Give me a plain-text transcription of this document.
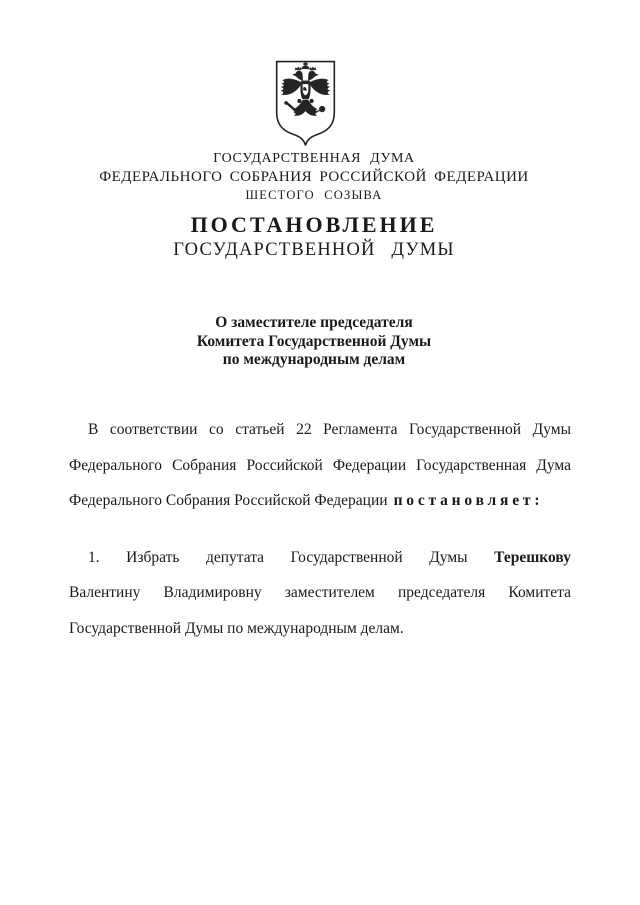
ГОСУДАРСТВЕННАЯ ДУМА
ФЕДЕРАЛЬНОГО СОБРАНИЯ РОССИЙСКОЙ ФЕДЕРАЦИИ
ШЕСТОГО СОЗЫВА
ПОСТАНОВЛЕНИЕ
ГОСУДАРСТВЕННОЙ ДУМЫ
О заместителе председателя
Комитета Государственной Думы
по международным делам
В соответствии со статьей 22 Регламента Государственной Думы
Федерального Собрания Российской Федерации Государственная Дума
Федерального Собрания Российской Федерации постановляет:
1. Избрать депутата Государственной Думы Терешкову
Валентину Владимировну заместителем председателя Комитета
Государственной Думы по международным делам.
